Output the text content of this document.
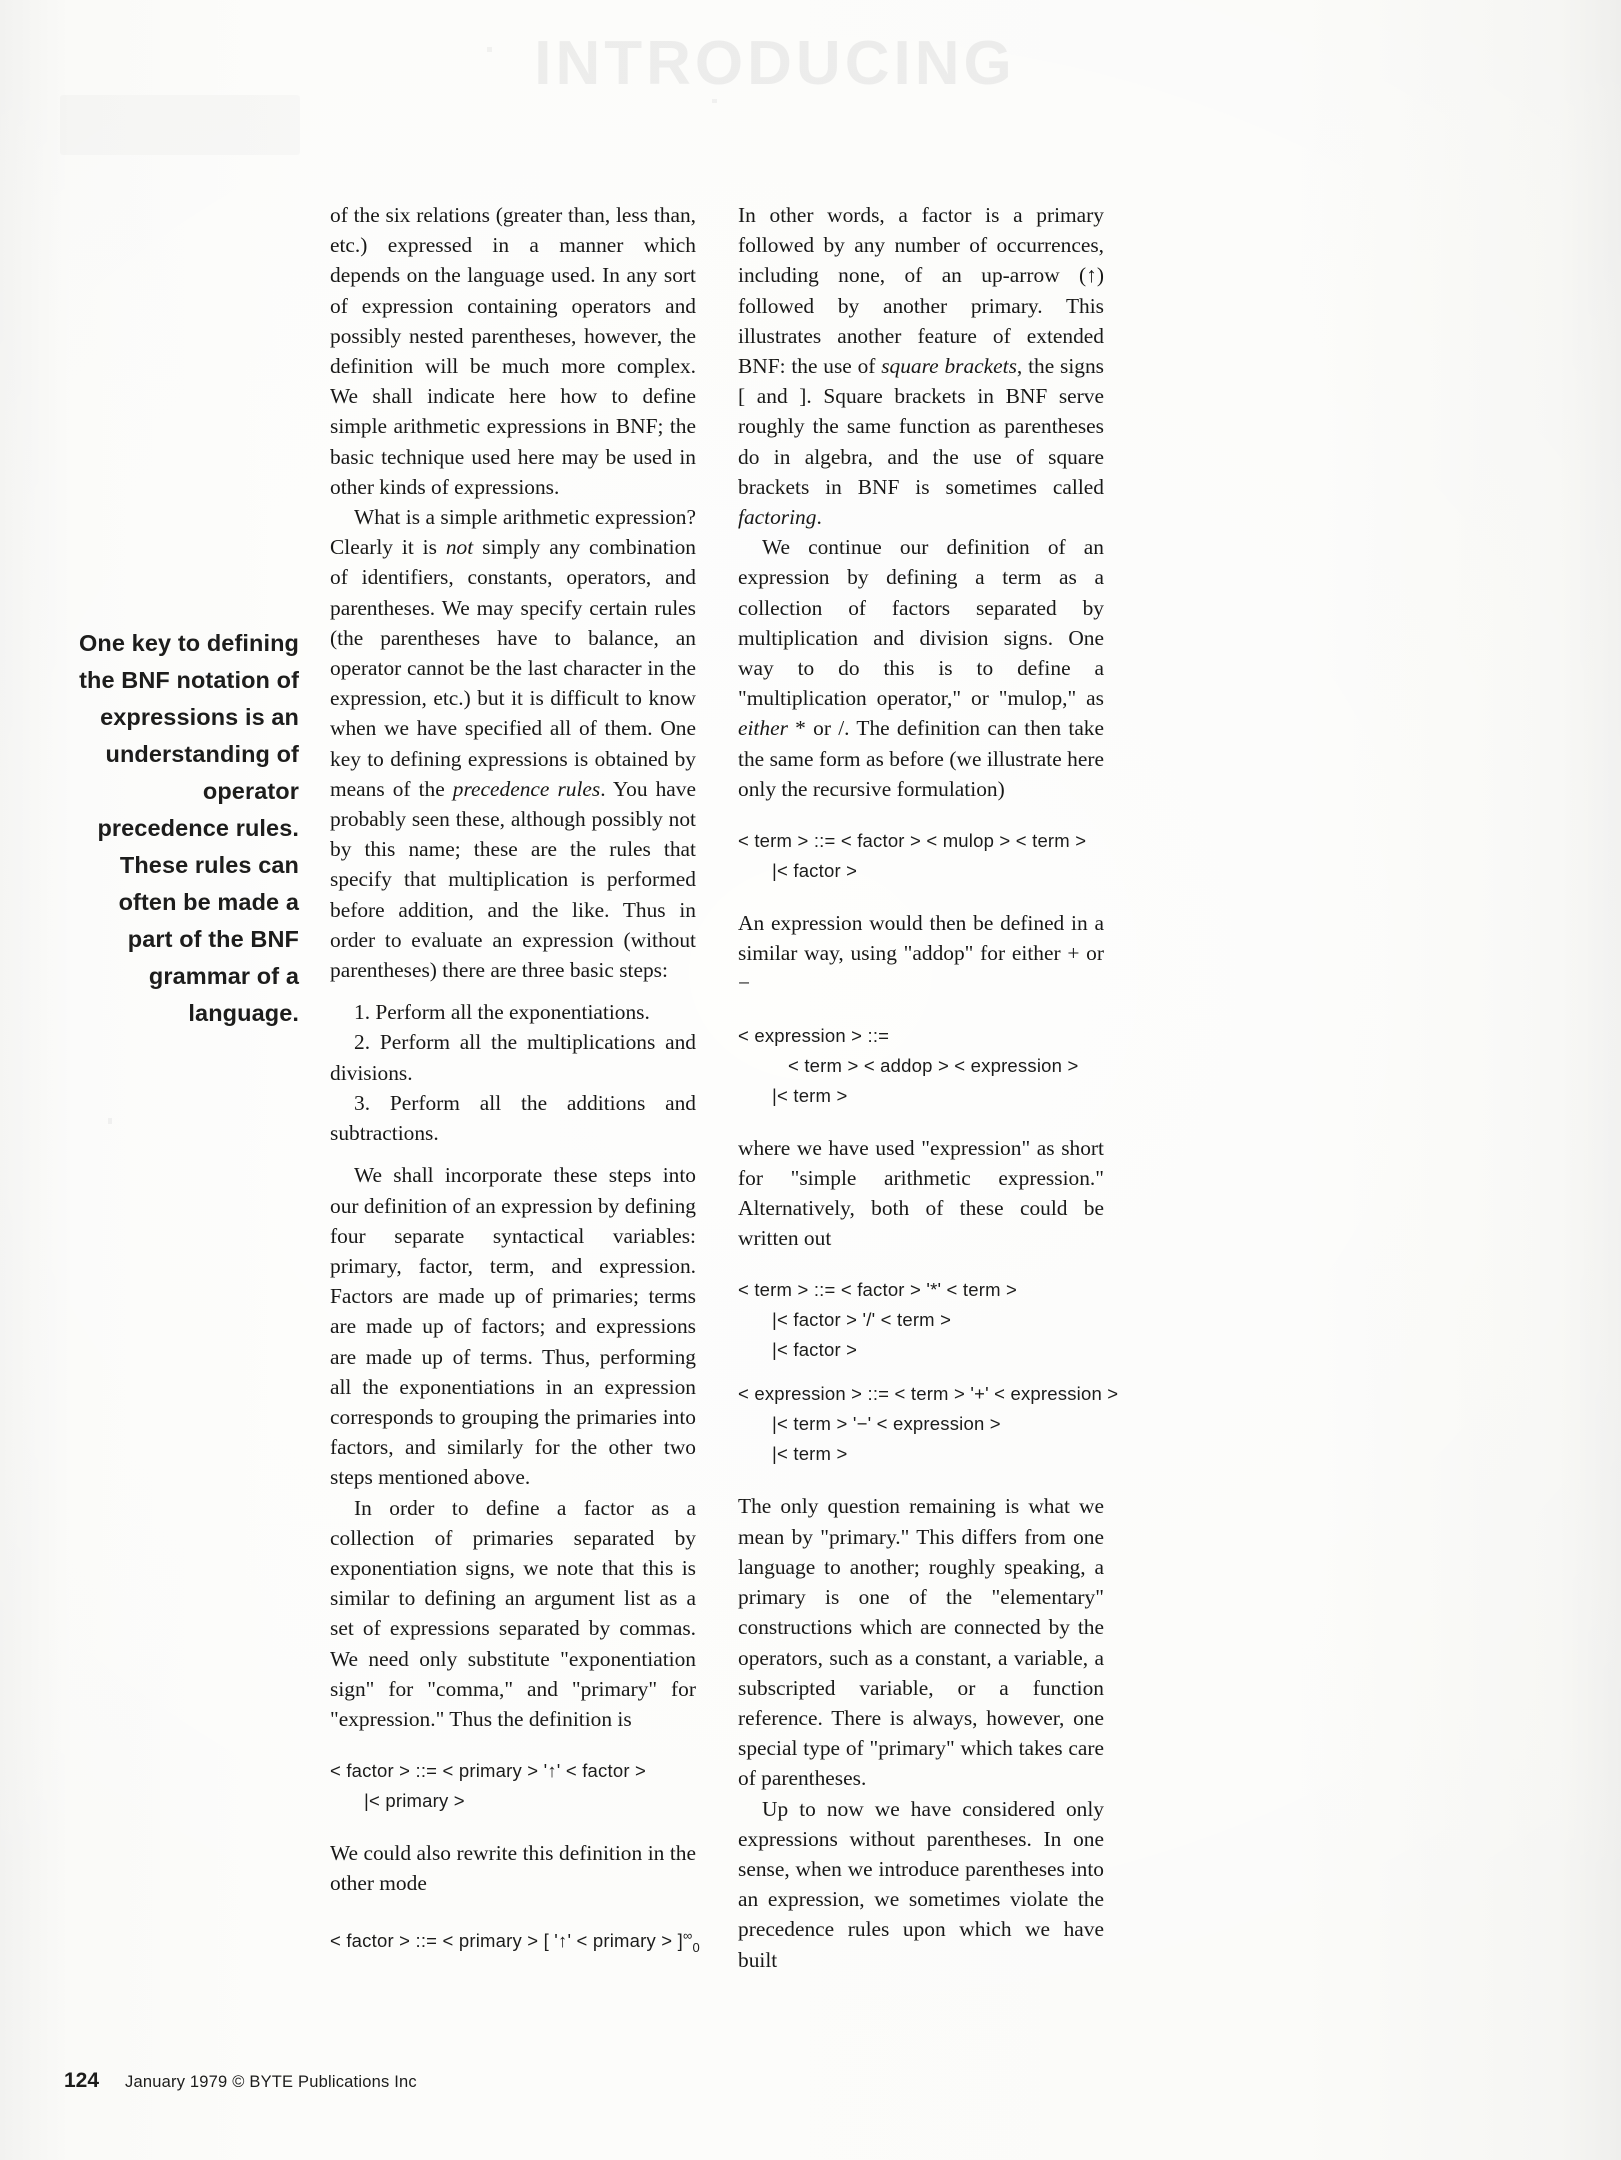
INTRODUCING
One key to defining the BNF notation of expressions is an understanding of operator precedence rules. These rules can often be made a part of the BNF grammar of a language.

of the six relations (greater than, less than, etc.) expressed in a manner which depends on the language used. In any sort of expression containing operators and possibly nested parentheses, however, the definition will be much more complex. We shall indicate here how to define simple arithmetic expressions in BNF; the basic technique used here may be used in other kinds of expressions.

What is a simple arithmetic expression? Clearly it is not simply any combination of identifiers, constants, operators, and parentheses. We may specify certain rules (the parentheses have to balance, an operator cannot be the last character in the expression, etc.) but it is difficult to know when we have specified all of them. One key to defining expressions is obtained by means of the precedence rules. You have probably seen these, although possibly not by this name; these are the rules that specify that multiplication is performed before addition, and the like. Thus in order to evaluate an expression (without parentheses) there are three basic steps:

1. Perform all the exponentiations.

2. Perform all the multiplications and divisions.

3. Perform all the additions and subtractions.

We shall incorporate these steps into our definition of an expression by defining four separate syntactical variables: primary, factor, term, and expression. Factors are made up of primaries; terms are made up of factors; and expressions are made up of terms. Thus, performing all the exponentiations in an expression corresponds to grouping the primaries into factors, and similarly for the other two steps mentioned above.

In order to define a factor as a collection of primaries separated by exponentiation signs, we note that this is similar to defining an argument list as a set of expressions separated by commas. We need only substitute "exponentiation sign" for "comma," and "primary" for "expression." Thus the definition is

< factor > ::= < primary > '↑' < factor >
|< primary >

We could also rewrite this definition in the other mode

< factor > ::= < primary > [ '↑' < primary > ]$^\infty_0$

In other words, a factor is a primary followed by any number of occurrences, including none, of an up-arrow (↑) followed by another primary. This illustrates another feature of extended BNF: the use of square brackets, the signs [ and ]. Square brackets in BNF serve roughly the same function as parentheses do in algebra, and the use of square brackets in BNF is sometimes called factoring.

We continue our definition of an expression by defining a term as a collection of factors separated by multiplication and division signs. One way to do this is to define a "multiplication operator," or "mulop," as either * or /. The definition can then take the same form as before (we illustrate here only the recursive formulation)

< term > ::= < factor > < mulop > < term >
|< factor >

An expression would then be defined in a similar way, using "addop" for either + or −

< expression > ::=
< term > < addop > < expression >
|< term >

where we have used "expression" as short for "simple arithmetic expression." Alternatively, both of these could be written out

< term > ::= < factor > '*' < term >
|< factor > '/' < term >
|< factor >
< expression > ::= < term > '+' < expression >
|< term > '−' < expression >
|< term >

The only question remaining is what we mean by "primary." This differs from one language to another; roughly speaking, a primary is one of the "elementary" constructions which are connected by the operators, such as a constant, a variable, a subscripted variable, or a function reference. There is always, however, one special type of "primary" which takes care of parentheses.

Up to now we have considered only expressions without parentheses. In one sense, when we introduce parentheses into an expression, we sometimes violate the precedence rules upon which we have built

124 January 1979 © BYTE Publications Inc
